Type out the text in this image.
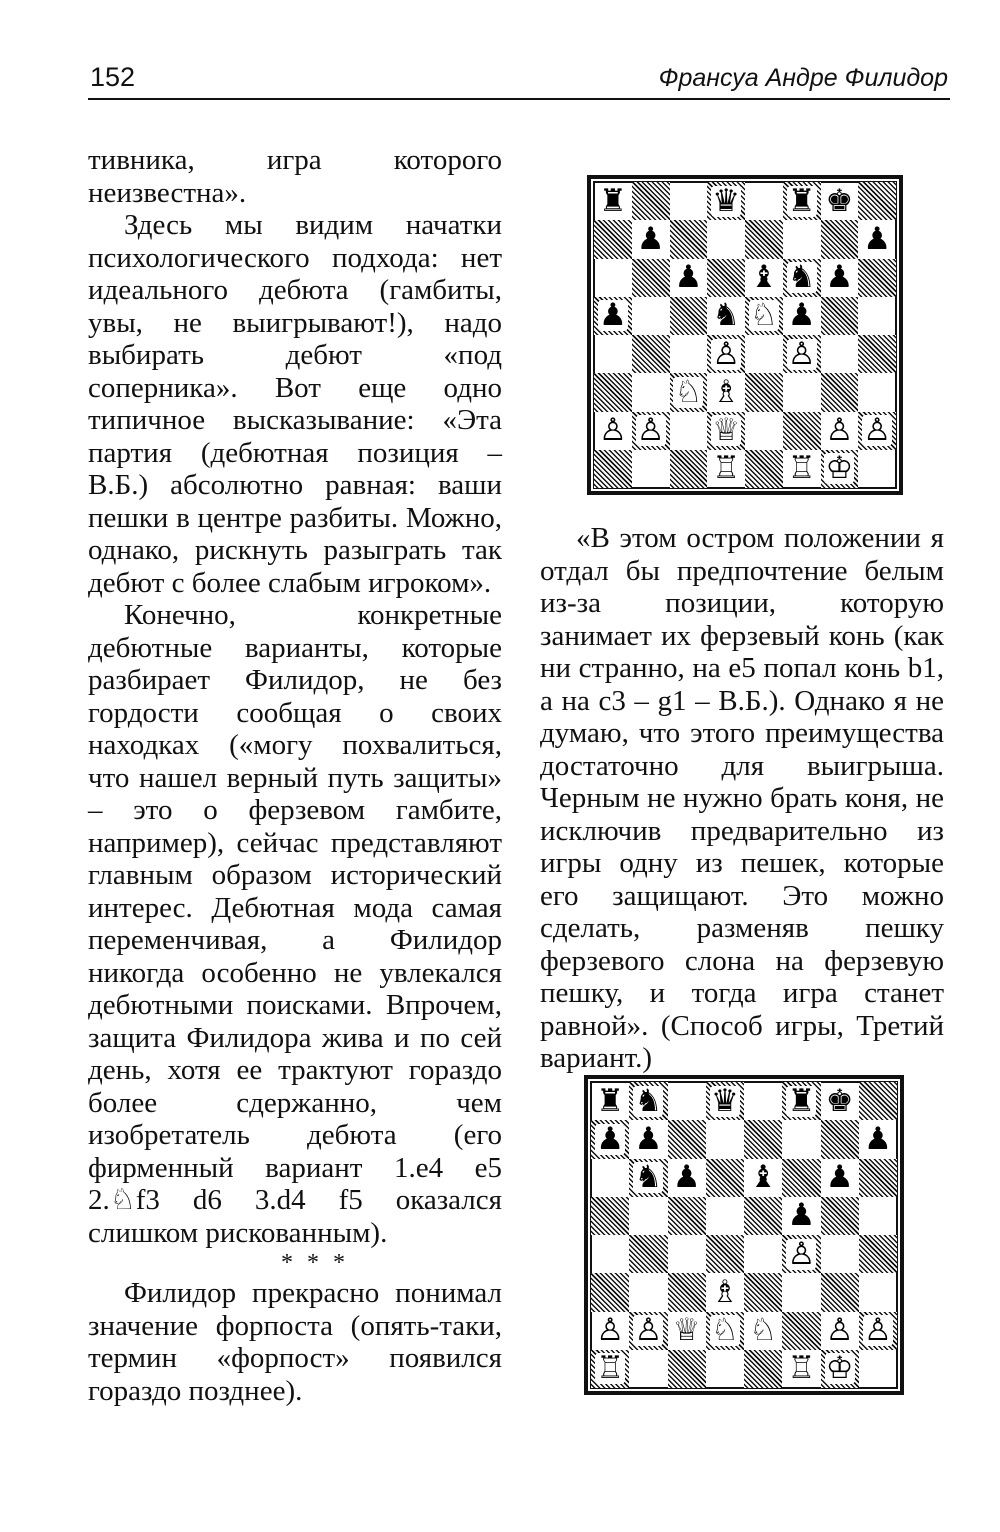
152	Франсуа Андре Филидор

тивника, игра которого неизвестна».

Здесь мы видим начатки психологического подхода: нет идеального дебюта (гамбиты, увы, не выигрывают!), надо выбирать дебют «под соперника». Вот еще одно типичное высказывание: «Эта партия (дебютная позиция – В.Б.) абсолютно равная: ваши пешки в центре разбиты. Можно, однако, рискнуть разыграть так дебют с более слабым игроком».

Конечно, конкретные дебютные варианты, которые разбирает Филидор, не без гордости сообщая о своих находках («могу похвалиться, что нашел верный путь защиты» – это о ферзевом гамбите, например), сейчас представляют главным образом исторический интерес. Дебютная мода самая переменчивая, а Филидор никогда особенно не увлекался дебютными поисками. Впрочем, защита Филидора жива и по сей день, хотя ее трактуют гораздо более сдержанно, чем изобретатель дебюта (его фирменный вариант 1.e4 e5 2.♘f3 d6 3.d4 f5 оказался слишком рискованным).

* * *

Филидор прекрасно понимал значение форпоста (опять-таки, термин «форпост» появился гораздо позднее).

♜	♛ ♜ ♚
♟	♟
♟ ♝ ♞ ♟
♟	♞ ♘ ♟
♙ ♙
♘ ♗
♙ ♙ ♕	♙ ♙
♖ ♖ ♔

«В этом остром положении я отдал бы предпочтение белым из-за позиции, которую занимает их ферзевый конь (как ни странно, на e5 попал конь b1, а на c3 – g1 – В.Б.). Однако я не думаю, что этого преимущества достаточно для выигрыша. Черным не нужно брать коня, не исключив предварительно из игры одну из пешек, которые его защищают. Это можно сделать, разменяв пешку ферзевого слона на ферзевую пешку, и тогда игра станет равной». (Способ игры, Третий вариант.)

♜ ♞ ♛ ♜ ♚
♟ ♟	♟
♞ ♟ ♝ ♟
♟
♙
♗
♙ ♙ ♕ ♘ ♘ ♙ ♙
♖	♖ ♔
